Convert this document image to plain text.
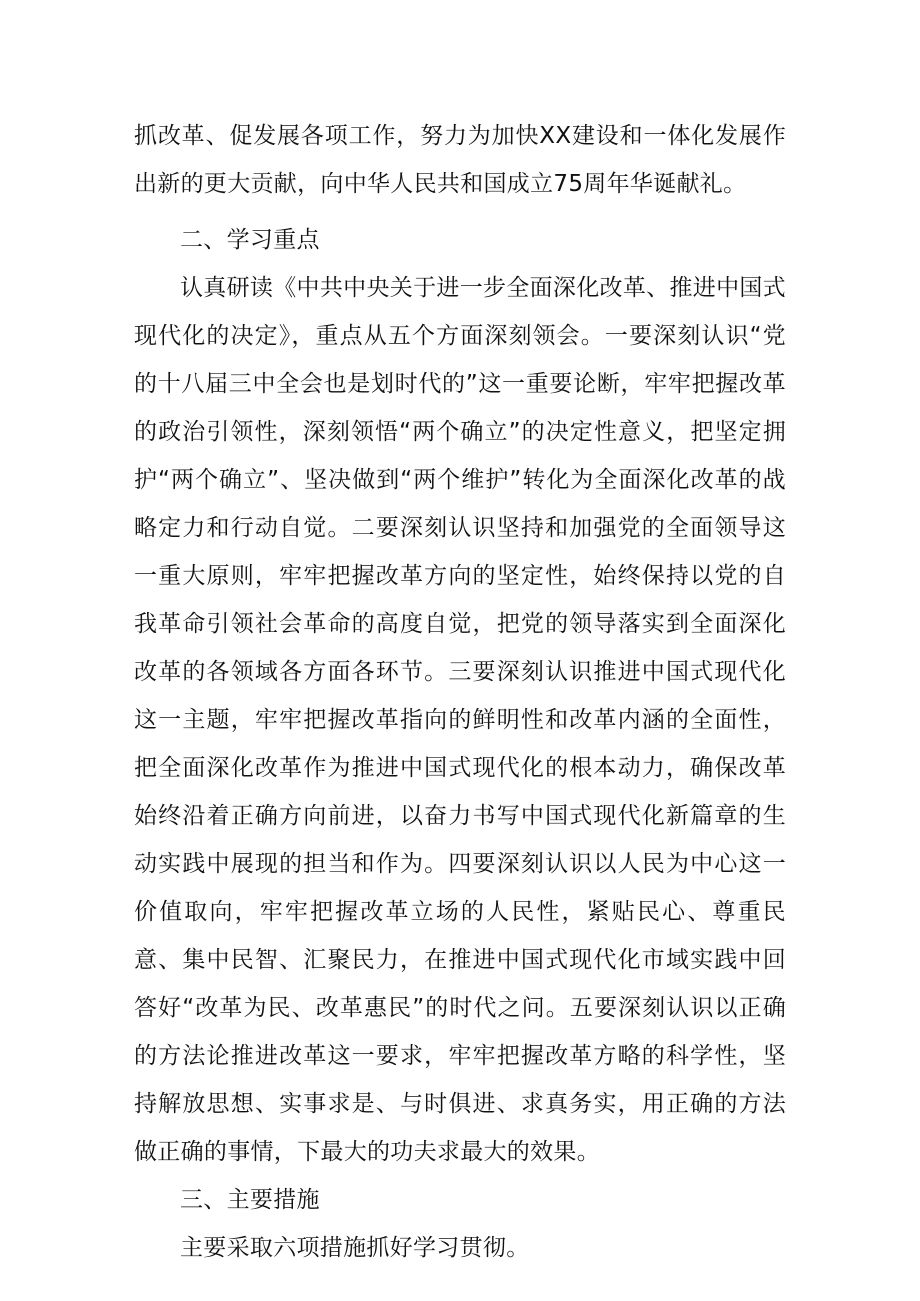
抓改革、促发展各项工作，努力为加快XX建设和一体化发展作出新的更大贡献，向中华人民共和国成立75周年华诞献礼。

二、学习重点

认真研读《中共中央关于进一步全面深化改革、推进中国式现代化的决定》，重点从五个方面深刻领会。一要深刻认识“党的十八届三中全会也是划时代的”这一重要论断，牢牢把握改革的政治引领性，深刻领悟“两个确立”的决定性意义，把坚定拥护“两个确立”、坚决做到“两个维护”转化为全面深化改革的战略定力和行动自觉。二要深刻认识坚持和加强党的全面领导这一重大原则，牢牢把握改革方向的坚定性，始终保持以党的自我革命引领社会革命的高度自觉，把党的领导落实到全面深化改革的各领域各方面各环节。三要深刻认识推进中国式现代化这一主题，牢牢把握改革指向的鲜明性和改革内涵的全面性，把全面深化改革作为推进中国式现代化的根本动力，确保改革始终沿着正确方向前进，以奋力书写中国式现代化新篇章的生动实践中展现的担当和作为。四要深刻认识以人民为中心这一价值取向，牢牢把握改革立场的人民性，紧贴民心、尊重民意、集中民智、汇聚民力，在推进中国式现代化市域实践中回答好“改革为民、改革惠民”的时代之问。五要深刻认识以正确的方法论推进改革这一要求，牢牢把握改革方略的科学性，坚持解放思想、实事求是、与时俱进、求真务实，用正确的方法做正确的事情，下最大的功夫求最大的效果。

三、主要措施

主要采取六项措施抓好学习贯彻。
